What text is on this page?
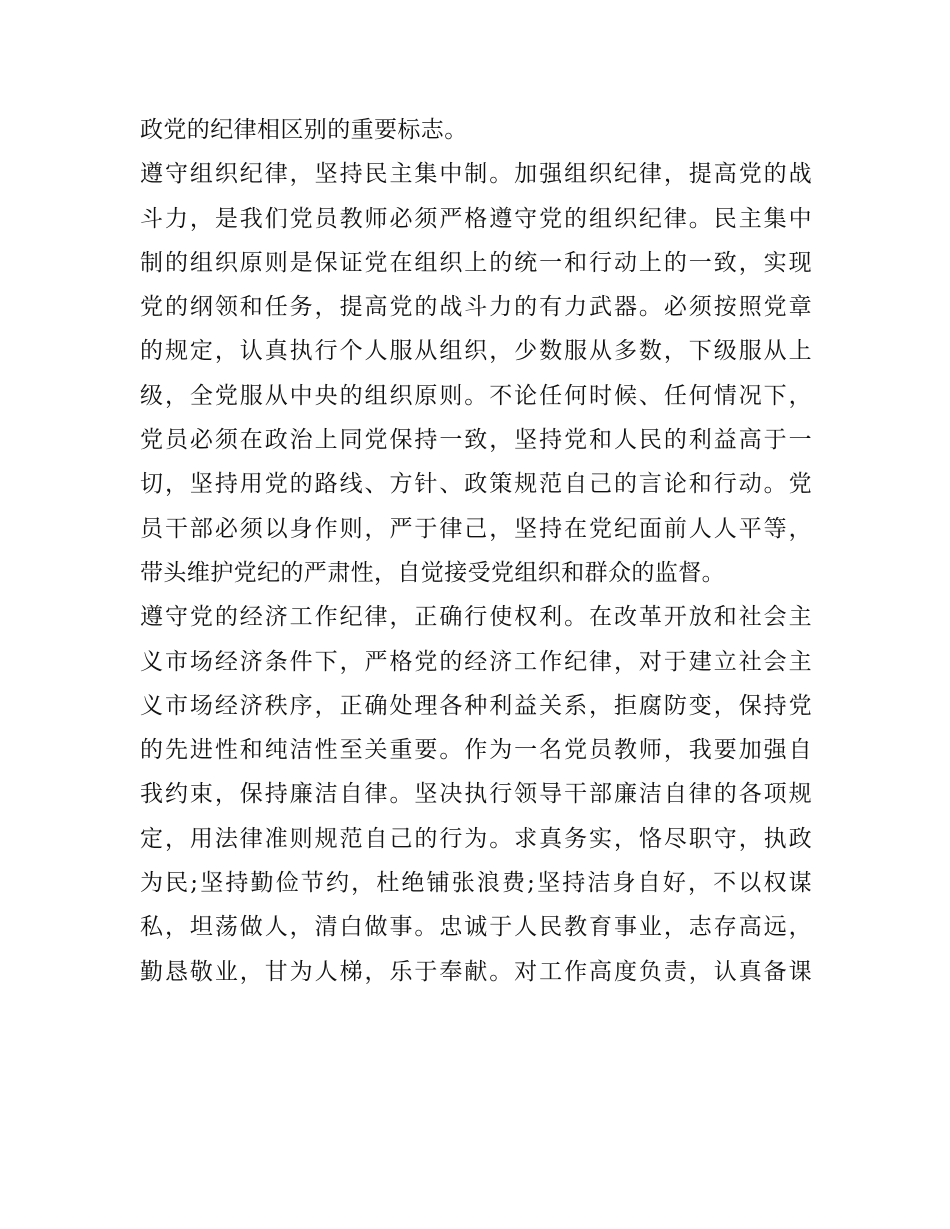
政党的纪律相区别的重要标志。
遵守组织纪律，坚持民主集中制。加强组织纪律，提高党的战
斗力，是我们党员教师必须严格遵守党的组织纪律。民主集中
制的组织原则是保证党在组织上的统一和行动上的一致，实现
党的纲领和任务，提高党的战斗力的有力武器。必须按照党章
的规定，认真执行个人服从组织，少数服从多数，下级服从上
级，全党服从中央的组织原则。不论任何时候、任何情况下，
党员必须在政治上同党保持一致，坚持党和人民的利益高于一
切，坚持用党的路线、方针、政策规范自己的言论和行动。党
员干部必须以身作则，严于律己，坚持在党纪面前人人平等，
带头维护党纪的严肃性，自觉接受党组织和群众的监督。
遵守党的经济工作纪律，正确行使权利。在改革开放和社会主
义市场经济条件下，严格党的经济工作纪律，对于建立社会主
义市场经济秩序，正确处理各种利益关系，拒腐防变，保持党
的先进性和纯洁性至关重要。作为一名党员教师，我要加强自
我约束，保持廉洁自律。坚决执行领导干部廉洁自律的各项规
定，用法律准则规范自己的行为。求真务实，恪尽职守，执政
为民;坚持勤俭节约，杜绝铺张浪费;坚持洁身自好，不以权谋
私，坦荡做人，清白做事。忠诚于人民教育事业，志存高远，
勤恳敬业，甘为人梯，乐于奉献。对工作高度负责，认真备课
